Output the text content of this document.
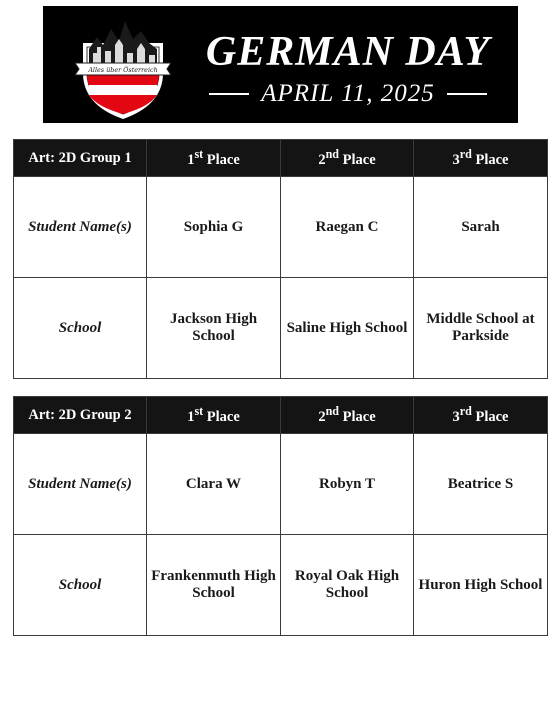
Alles über Österreich	GERMAN DAY
APRIL 11, 2025
Art: 2D Group 1	1st Place	2nd Place	3rd Place
Student Name(s)	Sophia G	Raegan C	Sarah
School	Jackson High School	Saline High School	Middle School at Parkside
Art: 2D Group 2	1st Place	2nd Place	3rd Place
Student Name(s)	Clara W	Robyn T	Beatrice S
School	Frankenmuth High School	Royal Oak High School	Huron High School
